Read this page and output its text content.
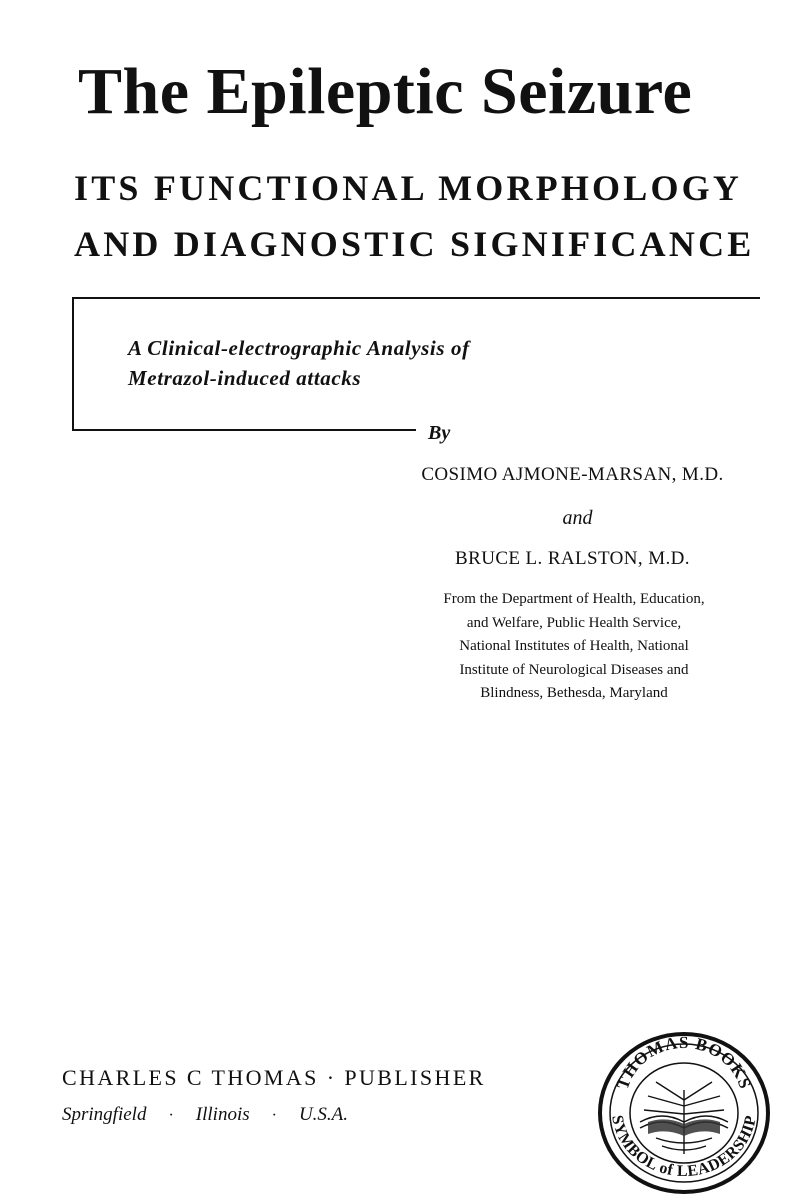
The Epileptic Seizure
ITS FUNCTIONAL MORPHOLOGY
AND DIAGNOSTIC SIGNIFICANCE
A Clinical-electrographic Analysis of
Metrazol-induced attacks
By
COSIMO AJMONE-MARSAN, M.D.
and
BRUCE L. RALSTON, M.D.
From the Department of Health, Education,
and Welfare, Public Health Service,
National Institutes of Health, National
Institute of Neurological Diseases and
Blindness, Bethesda, Maryland
CHARLES C THOMAS · PUBLISHER
Springfield · Illinois · U.S.A.
THOMAS BOOKS
SYMBOL of LEADERSHIP
